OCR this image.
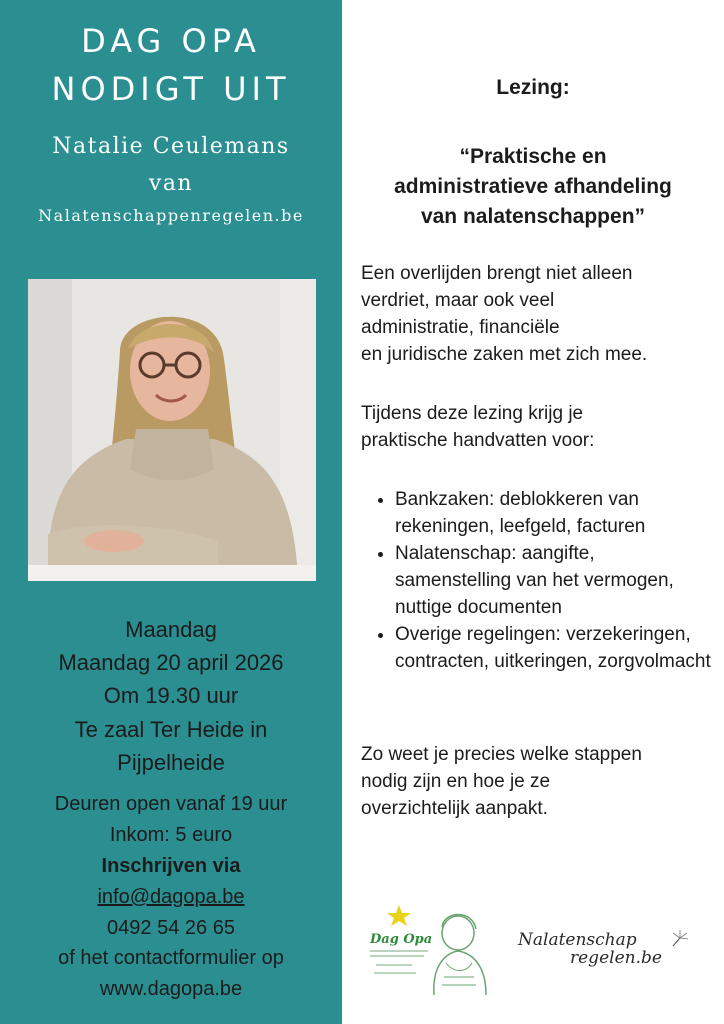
DAG OPA
NODIGT UIT
Natalie Ceulemans
van
Nalatenschappenregelen.be
Maandag
Maandag 20 april 2026
Om 19.30 uur
Te zaal Ter Heide in
Pijpelheide
Deuren open vanaf 19 uur
Inkom: 5 euro
Inschrijven via
info@dagopa.be
0492 54 26 65
of het contactformulier op
www.dagopa.be
Lezing:
“Praktische en
administratieve afhandeling
van nalatenschappen”
Een overlijden brengt niet alleen
verdriet, maar ook veel
administratie, financiële
en juridische zaken met zich mee.
Tijdens deze lezing krijg je
praktische handvatten voor:
• Bankzaken: deblokkeren van rekeningen, leefgeld, facturen
• Nalatenschap: aangifte, samenstelling van het vermogen, nuttige documenten
• Overige regelingen: verzekeringen, contracten, uitkeringen, zorgvolmacht
Zo weet je precies welke stappen
nodig zijn en hoe je ze
overzichtelijk aanpakt.
Dag Opa	Nalatenschap
regelen.be
